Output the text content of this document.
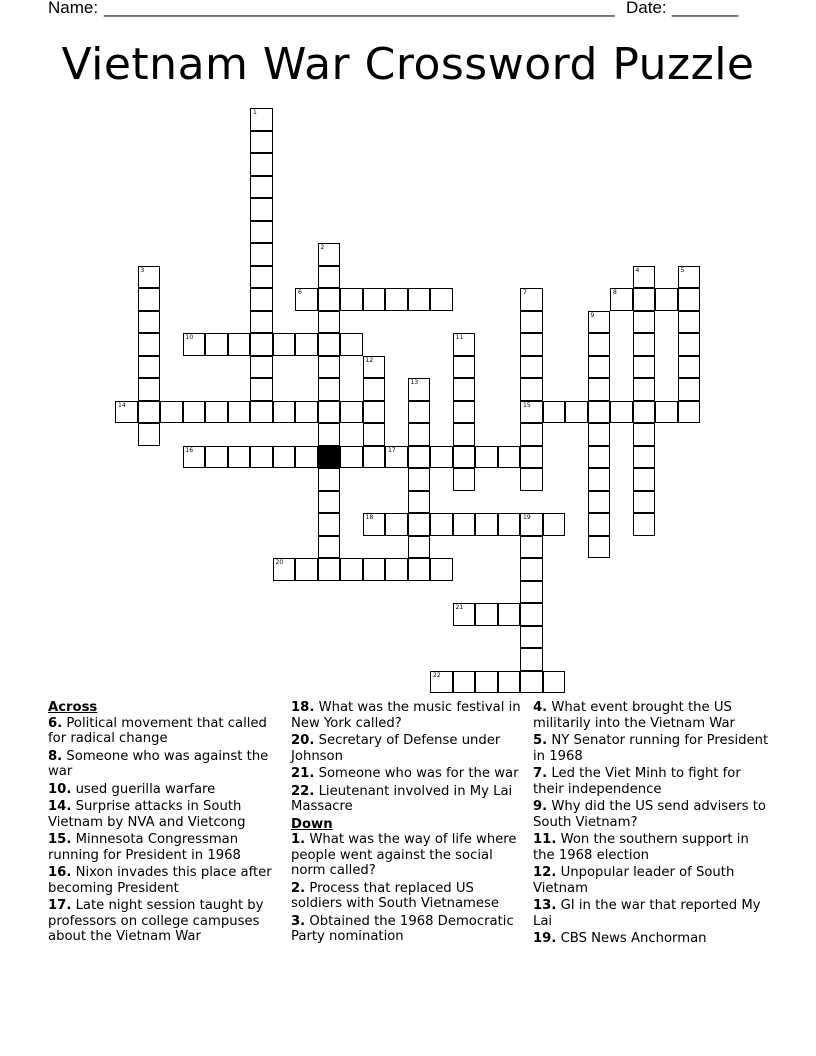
Name: ______________________________________________________ Date: _______
Vietnam War Crossword Puzzle
1
2
3	4	5
6	7
15
8
9
10	11
12
13
14
16	17
18	19
20
21
22
Across
6. Political movement that called for radical change
8. Someone who was against the war
10. used guerilla warfare
14. Surprise attacks in South Vietnam by NVA and Vietcong
15. Minnesota Congressman running for President in 1968
16. Nixon invades this place after becoming President
17. Late night session taught by professors on college campuses about the Vietnam War
18. What was the music festival in New York called?
20. Secretary of Defense under Johnson
21. Someone who was for the war
22. Lieutenant involved in My Lai Massacre
Down
1. What was the way of life where people went against the social norm called?
2. Process that replaced US soldiers with South Vietnamese
3. Obtained the 1968 Democratic Party nomination
4. What event brought the US militarily into the Vietnam War
5. NY Senator running for President in 1968
7. Led the Viet Minh to fight for their independence
9. Why did the US send advisers to South Vietnam?
11. Won the southern support in the 1968 election
12. Unpopular leader of South Vietnam
13. GI in the war that reported My Lai
19. CBS News Anchorman
